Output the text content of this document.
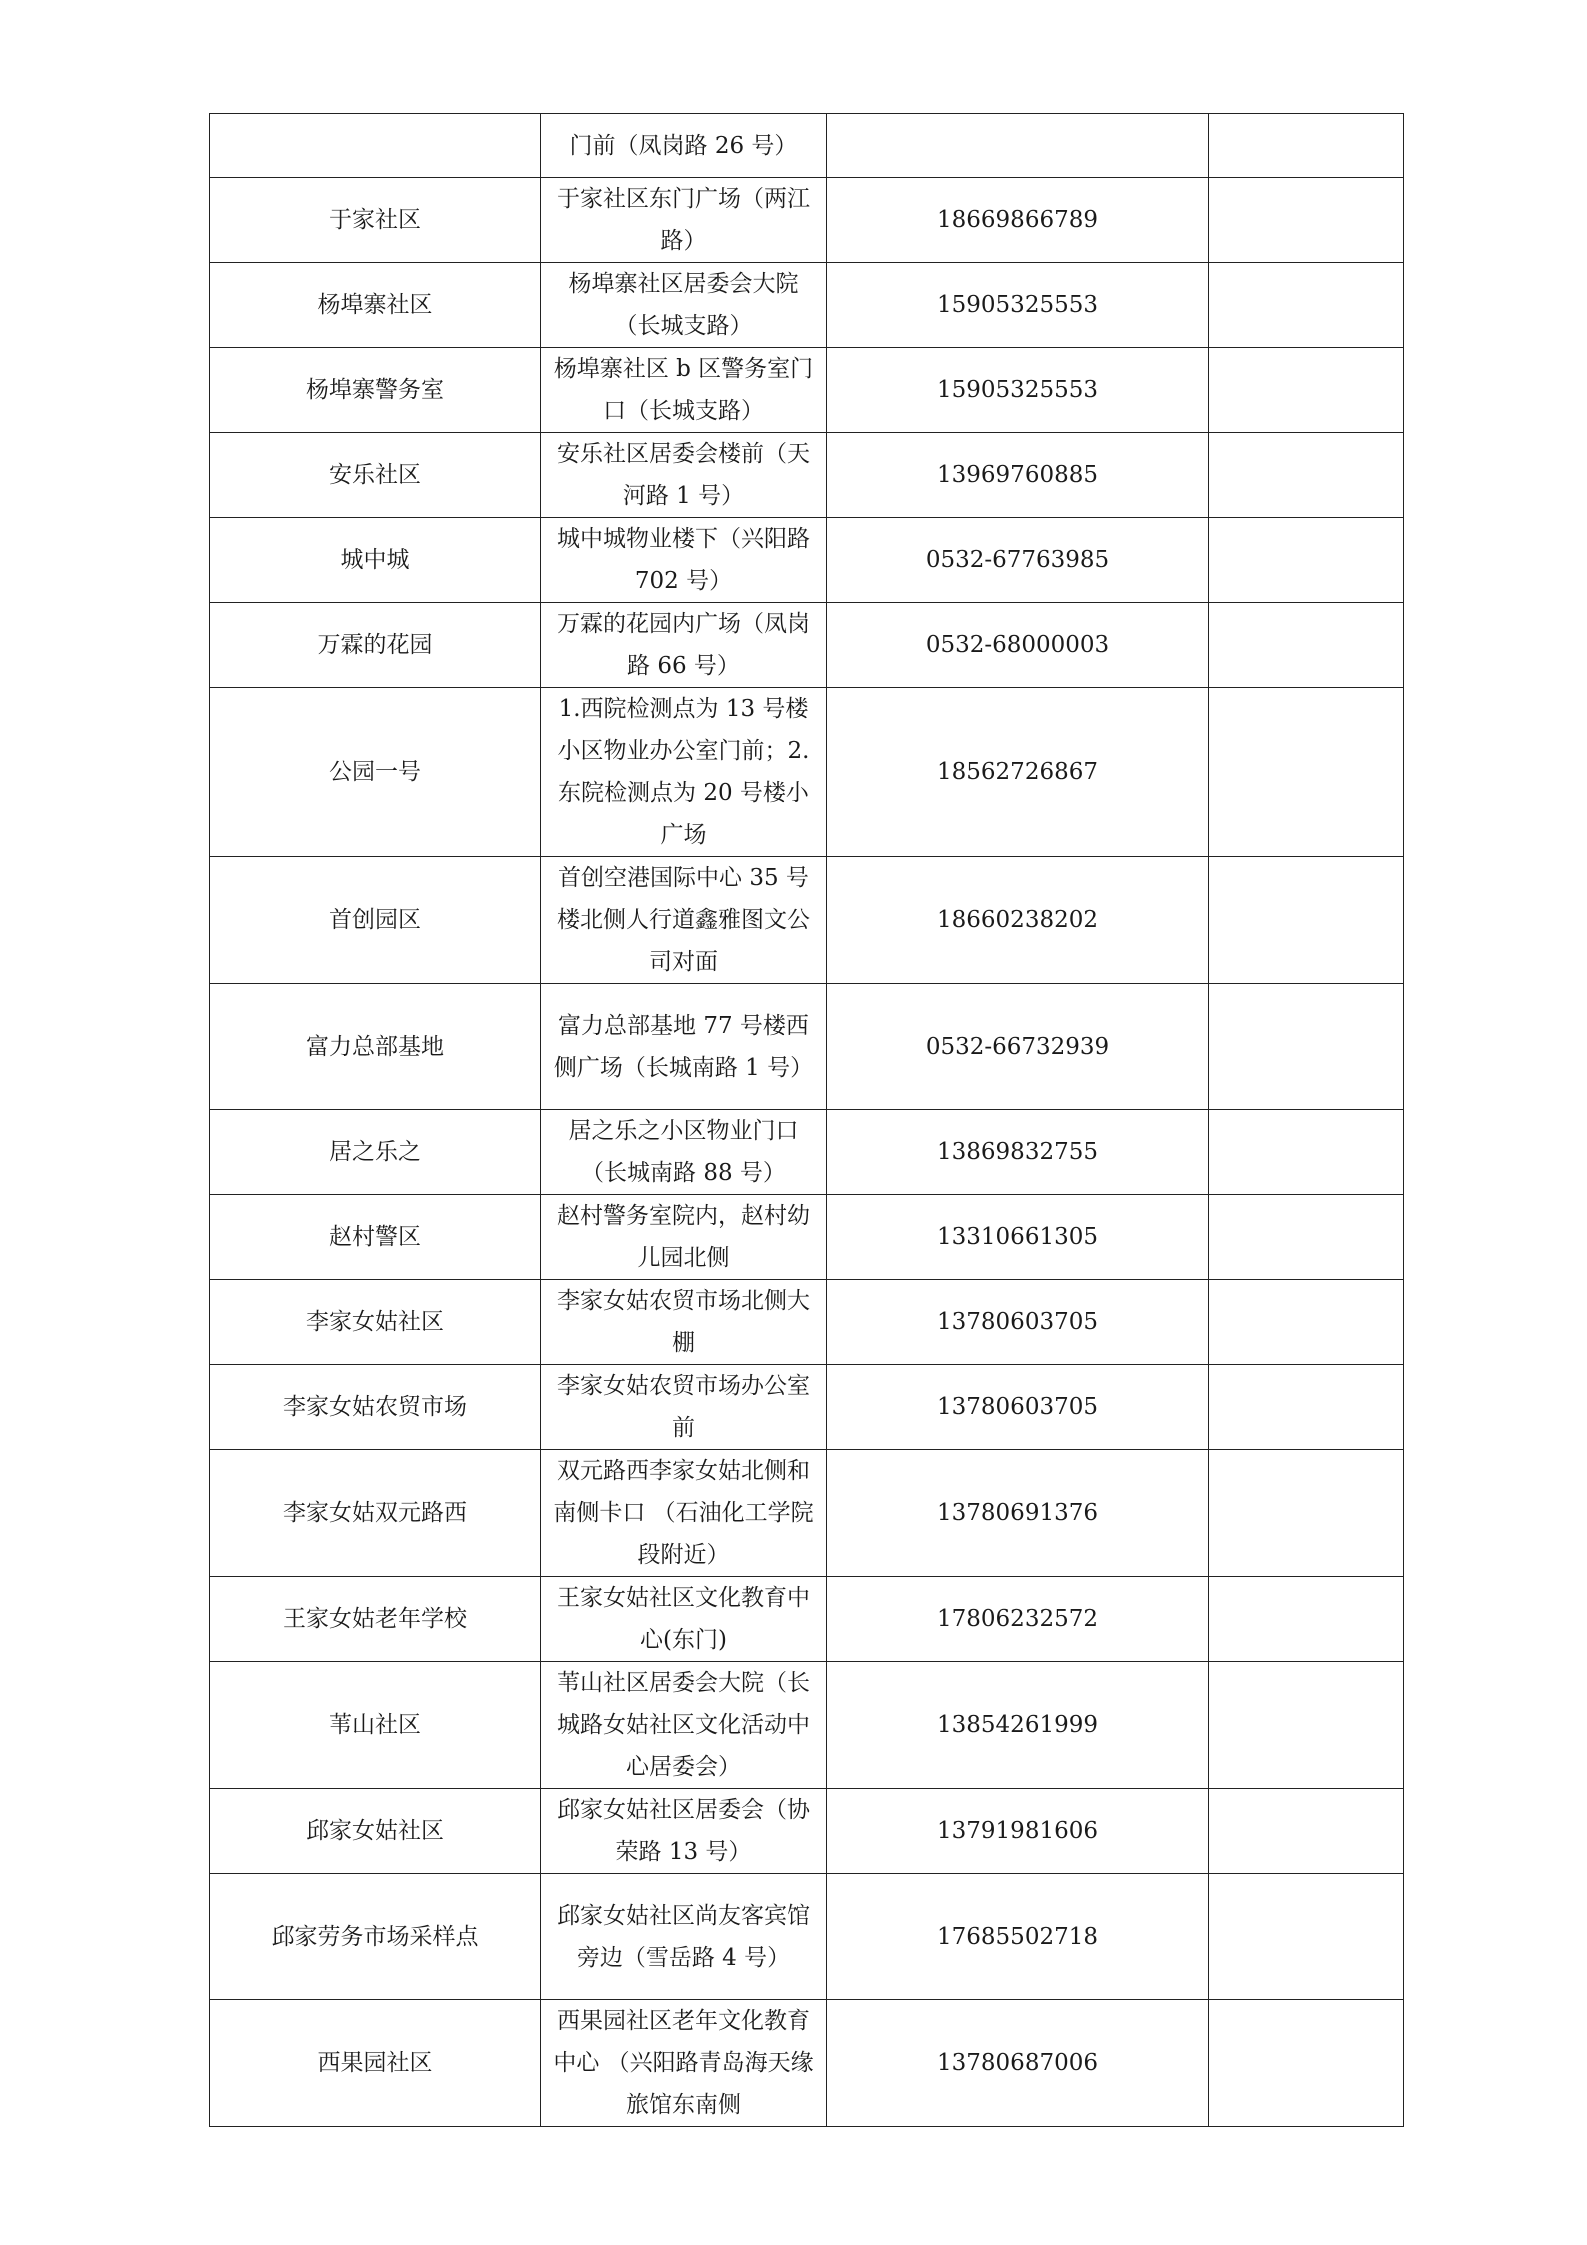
	门前（凤岗路 26 号）		
于家社区	于家社区东门广场（两江路）	18669866789	
杨埠寨社区	杨埠寨社区居委会大院（长城支路）	15905325553	
杨埠寨警务室	杨埠寨社区 b 区警务室门口（长城支路）	15905325553	
安乐社区	安乐社区居委会楼前（天河路 1 号）	13969760885	
城中城	城中城物业楼下（兴阳路 702 号）	0532-67763985	
万霖的花园	万霖的花园内广场（凤岗路 66 号）	0532-68000003	
公园一号	1.西院检测点为 13 号楼小区物业办公室门前；2.东院检测点为 20 号楼小广场	18562726867	
首创园区	首创空港国际中心 35 号楼北侧人行道鑫雅图文公司对面	18660238202	
富力总部基地	富力总部基地 77 号楼西侧广场（长城南路 1 号）	0532-66732939	
居之乐之	居之乐之小区物业门口（长城南路 88 号）	13869832755	
赵村警区	赵村警务室院内，赵村幼儿园北侧	13310661305	
李家女姑社区	李家女姑农贸市场北侧大棚	13780603705	
李家女姑农贸市场	李家女姑农贸市场办公室前	13780603705	
李家女姑双元路西	双元路西李家女姑北侧和南侧卡口 （石油化工学院段附近）	13780691376	
王家女姑老年学校	王家女姑社区文化教育中心(东门)	17806232572	
苇山社区	苇山社区居委会大院（长城路女姑社区文化活动中心居委会）	13854261999	
邱家女姑社区	邱家女姑社区居委会（协荣路 13 号）	13791981606	
邱家劳务市场采样点	邱家女姑社区尚友客宾馆旁边（雪岳路 4 号）	17685502718	
西果园社区	西果园社区老年文化教育中心 （兴阳路青岛海天缘旅馆东南侧	13780687006	
